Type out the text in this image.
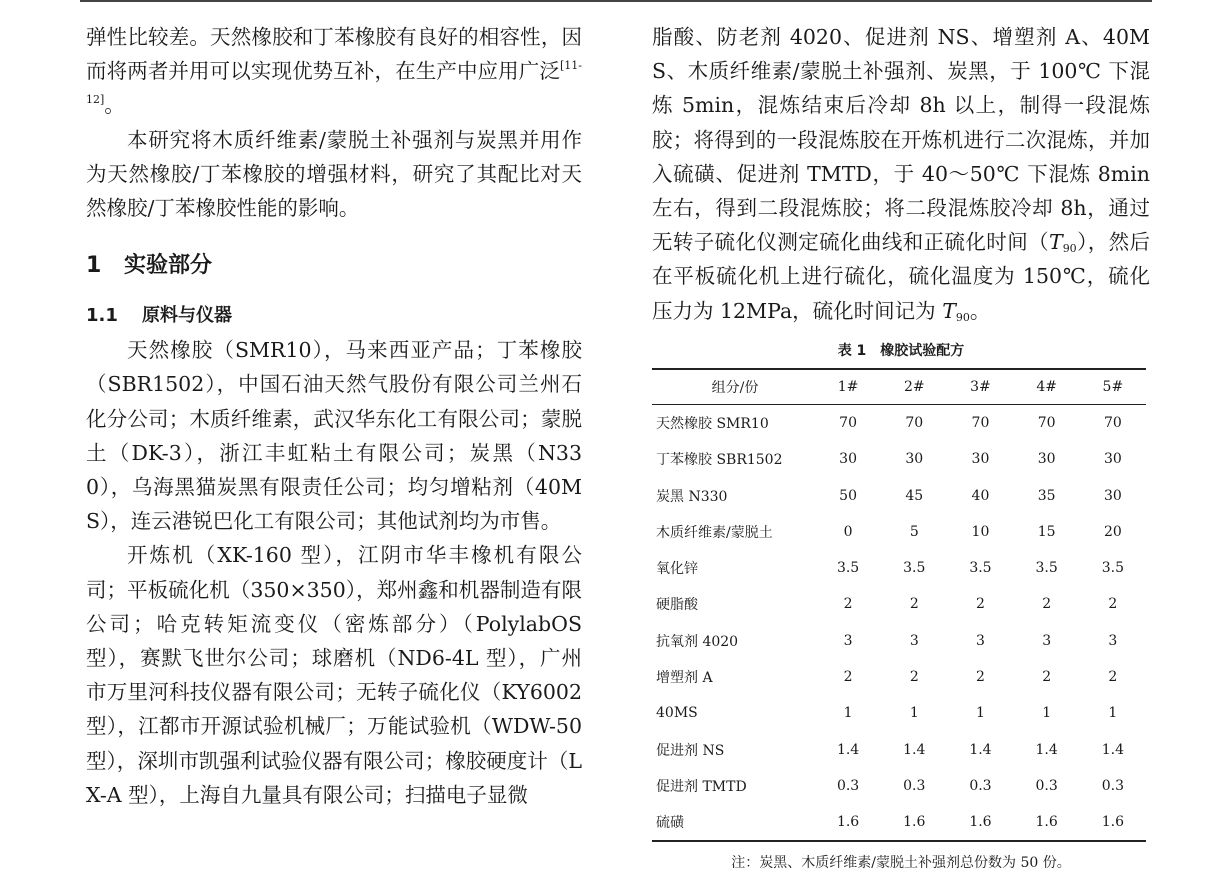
弹性比较差。天然橡胶和丁苯橡胶有良好的相容性，因而将两者并用可以实现优势互补，在生产中应用广泛[11-12]。

本研究将木质纤维素/蒙脱土补强剂与炭黑并用作为天然橡胶/丁苯橡胶的增强材料，研究了其配比对天然橡胶/丁苯橡胶性能的影响。

1 实验部分
1.1 原料与仪器

天然橡胶（SMR10），马来西亚产品；丁苯橡胶（SBR1502），中国石油天然气股份有限公司兰州石化分公司；木质纤维素，武汉华东化工有限公司；蒙脱土（DK-3），浙江丰虹粘土有限公司；炭黑（N330），乌海黑猫炭黑有限责任公司；均匀增粘剂（40MS），连云港锐巴化工有限公司；其他试剂均为市售。

开炼机（XK-160 型），江阴市华丰橡机有限公司；平板硫化机（350×350），郑州鑫和机器制造有限公司；哈克转矩流变仪（密炼部分）（PolylabOS 型），赛默飞世尔公司；球磨机（ND6-4L 型），广州市万里河科技仪器有限公司；无转子硫化仪（KY6002 型），江都市开源试验机械厂；万能试验机（WDW-50 型），深圳市凯强利试验仪器有限公司；橡胶硬度计（LX-A 型），上海自九量具有限公司；扫描电子显微

脂酸、防老剂 4020、促进剂 NS、增塑剂 A、40MS、木质纤维素/蒙脱土补强剂、炭黑，于 100℃ 下混炼 5min，混炼结束后冷却 8h 以上，制得一段混炼胶；将得到的一段混炼胶在开炼机进行二次混炼，并加入硫磺、促进剂 TMTD，于 40～50℃ 下混炼 8min 左右，得到二段混炼胶；将二段混炼胶冷却 8h，通过无转子硫化仪测定硫化曲线和正硫化时间$(T_{90})$，然后在平板硫化机上进行硫化，硫化温度为 150℃，硫化压力为 12MPa，硫化时间记为 $T_{90}$。

表 1　橡胶试验配方
组分/份	1#	2#	3#	4#	5#
天然橡胶 SMR10	70	70	70	70	70
丁苯橡胶 SBR1502	30	30	30	30	30
炭黑 N330	50	45	40	35	30
木质纤维素/蒙脱土	0	5	10	15	20
氧化锌	3.5	3.5	3.5	3.5	3.5
硬脂酸	2	2	2	2	2
抗氧剂 4020	3	3	3	3	3
增塑剂 A	2	2	2	2	2
40MS	1	1	1	1	1
促进剂 NS	1.4	1.4	1.4	1.4	1.4
促进剂 TMTD	0.3	0.3	0.3	0.3	0.3
硫磺	1.6	1.6	1.6	1.6	1.6
注：炭黑、木质纤维素/蒙脱土补强剂总份数为 50 份。
